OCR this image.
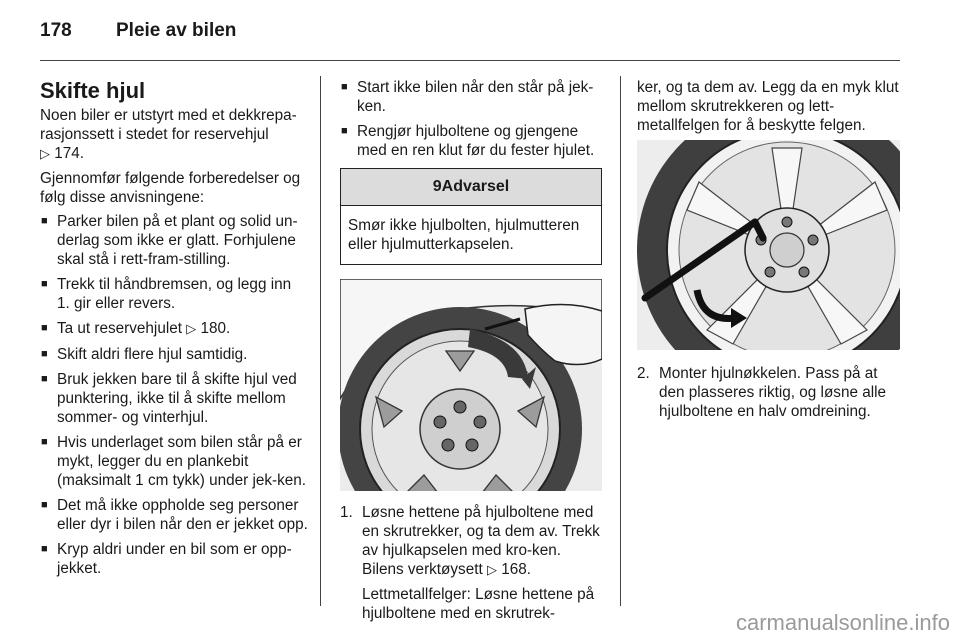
178 Pleie av bilen
Skifte hjul

Noen biler er utstyrt med et dekkrepa-rasjonssett i stedet for reservehjul
▷ 174.

Gjennomfør følgende forberedelser og følg disse anvisningene:

■ Parker bilen på et plant og solid un-derlag som ikke er glatt. Forhjulene skal stå i rett-fram-stilling.
■ Trekk til håndbremsen, og legg inn 1. gir eller revers.
■ Ta ut reservehjulet ▷ 180.
■ Skift aldri flere hjul samtidig.
■ Bruk jekken bare til å skifte hjul ved punktering, ikke til å skifte mellom sommer- og vinterhjul.
■ Hvis underlaget som bilen står på er mykt, legger du en plankebit (maksimalt 1 cm tykk) under jek-ken.
■ Det må ikke oppholde seg personer eller dyr i bilen når den er jekket opp.
■ Kryp aldri under en bil som er opp-jekket.
■ Start ikke bilen når den står på jek-ken.
■ Rengjør hjulboltene og gjengene med en ren klut før du fester hjulet.
9Advarsel
Smør ikke hjulbolten, hjulmutteren eller hjulmutterkapselen.
1. Løsne hettene på hjulboltene med en skrutrekker, og ta dem av. Trekk av hjulkapselen med kro-ken. Bilens verktøysett ▷ 168.

Lettmetallfelger: Løsne hettene på hjulboltene med en skrutrek-

ker, og ta dem av. Legg da en myk klut mellom skrutrekkeren og lett-metallfelgen for å beskytte felgen.

2. Monter hjulnøkkelen. Pass på at den plasseres riktig, og løsne alle hjulboltene en halv omdreining.

carmanualsonline.info
